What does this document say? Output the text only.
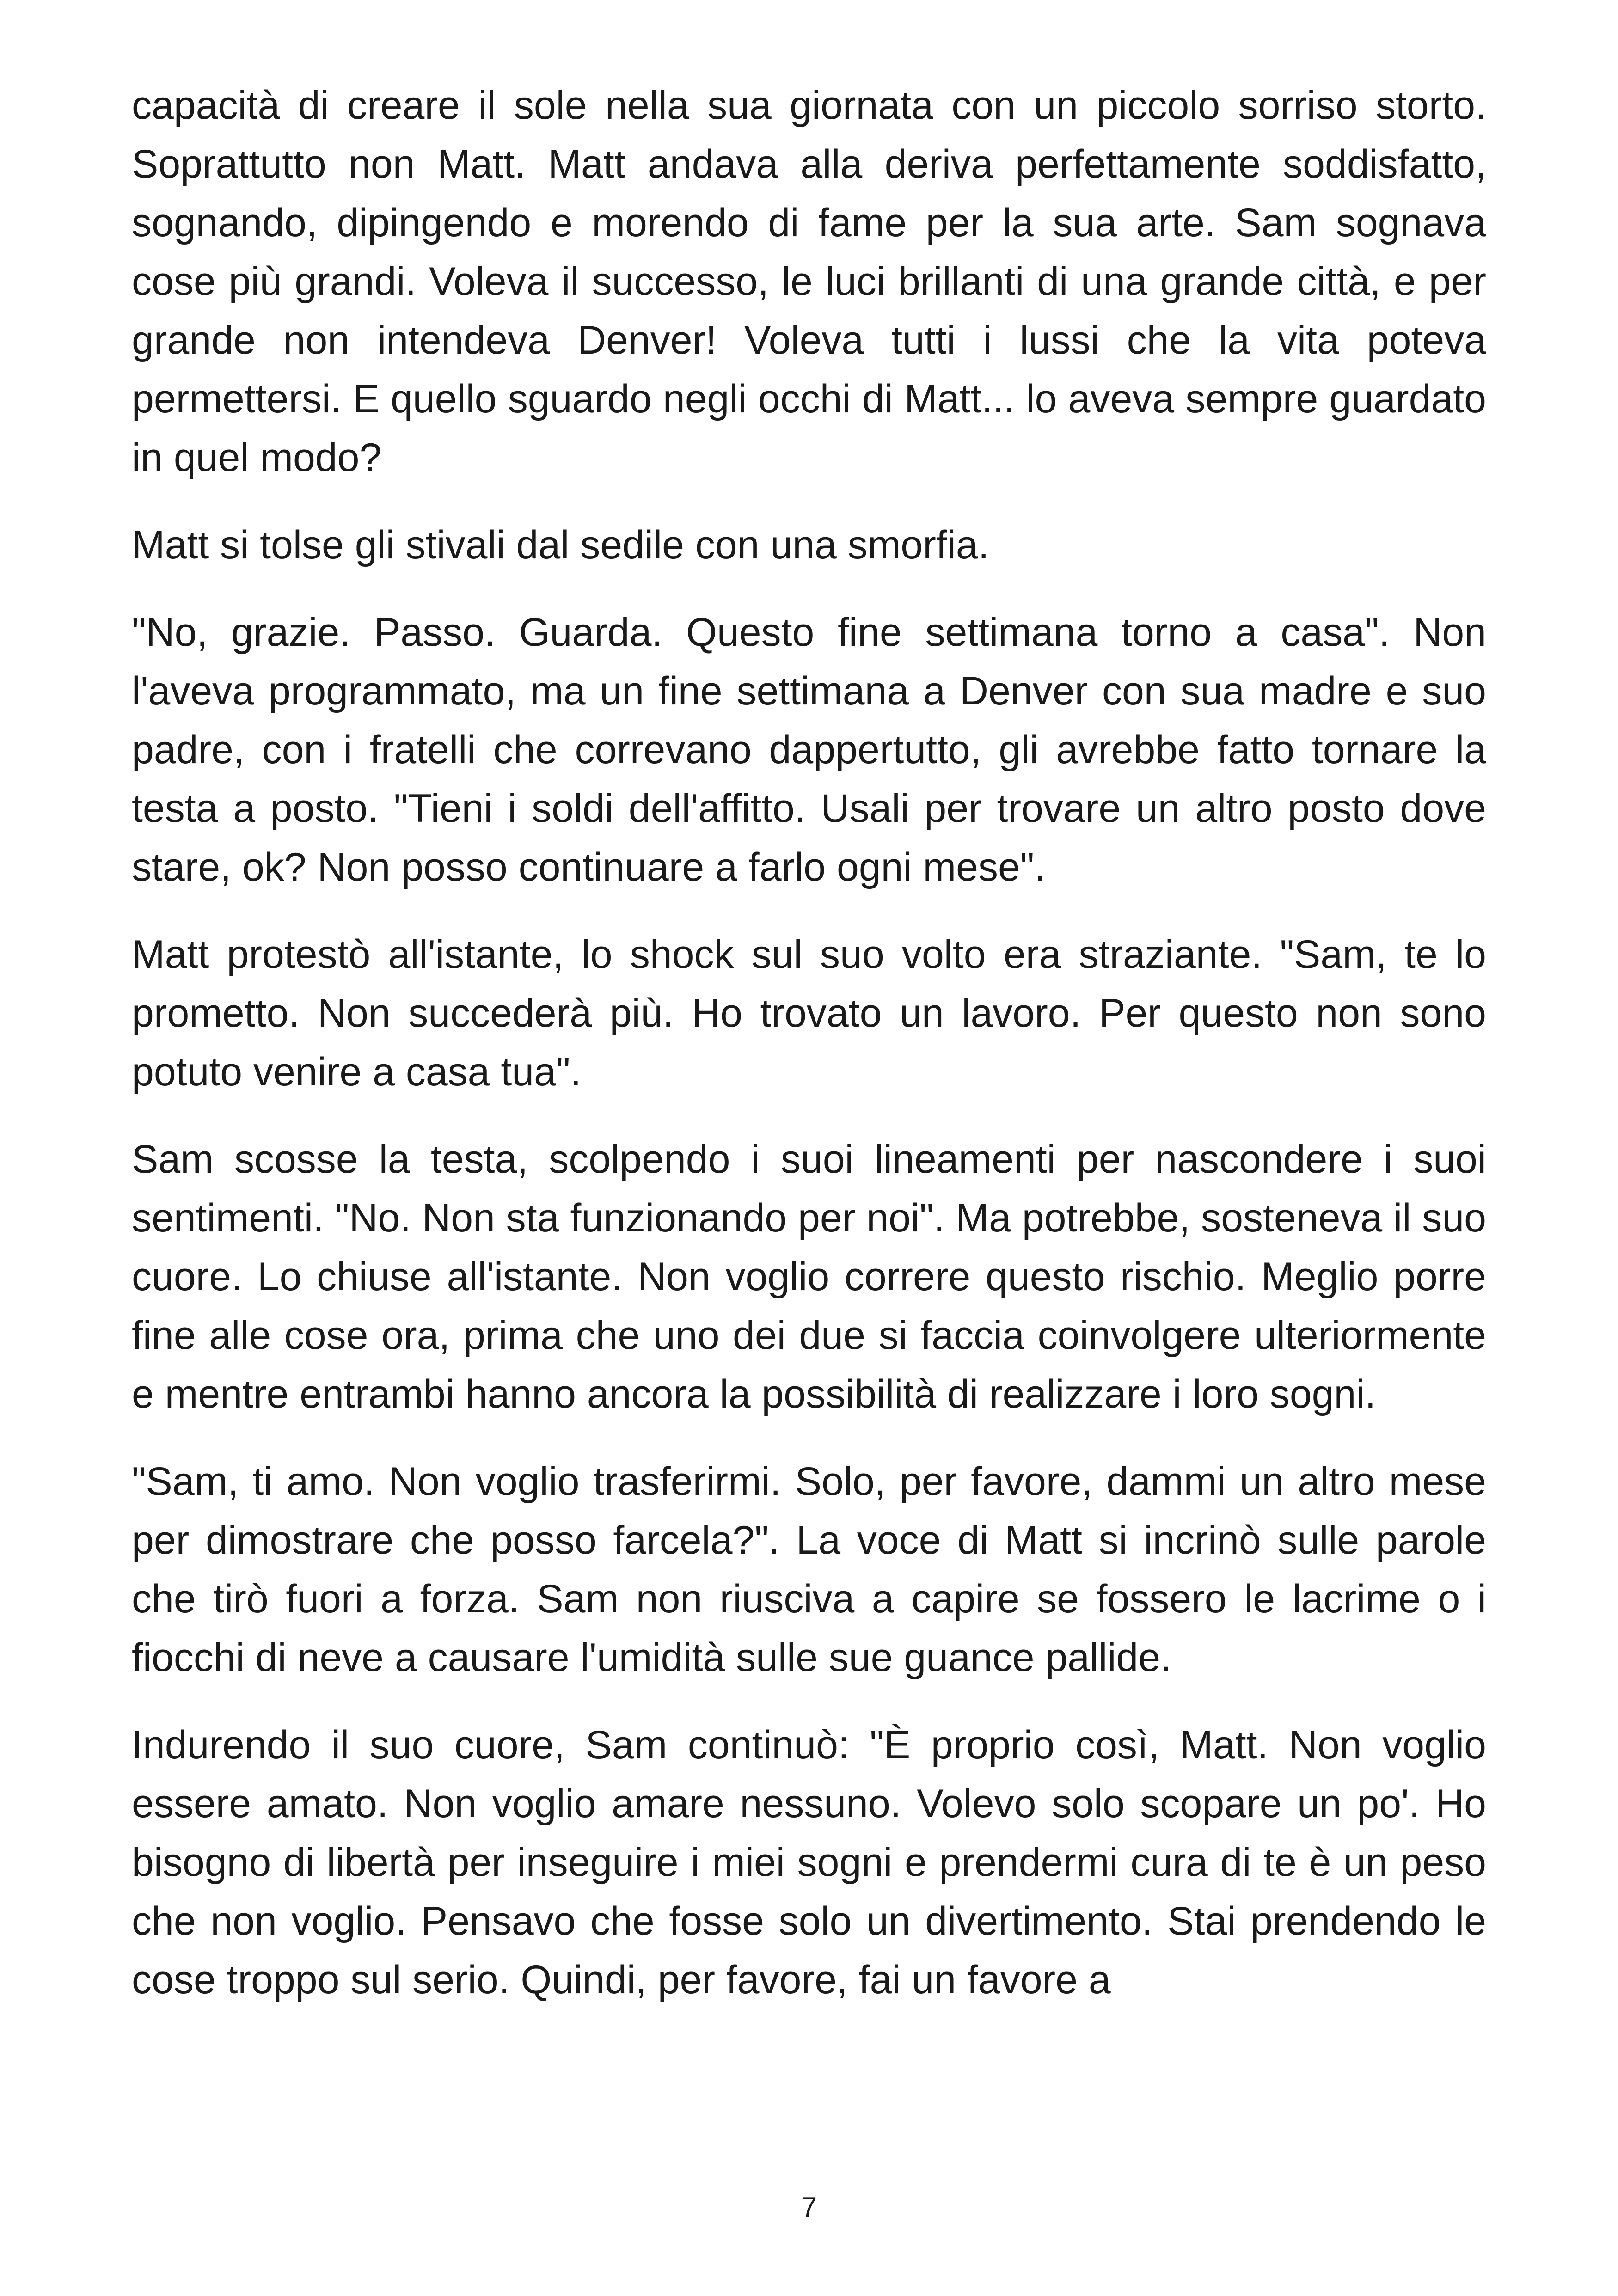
capacità di creare il sole nella sua giornata con un piccolo sorriso storto. Soprattutto non Matt. Matt andava alla deriva perfettamente soddisfatto, sognando, dipingendo e morendo di fame per la sua arte. Sam sognava cose più grandi. Voleva il successo, le luci brillanti di una grande città, e per grande non intendeva Denver! Voleva tutti i lussi che la vita poteva permettersi. E quello sguardo negli occhi di Matt... lo aveva sempre guardato in quel modo?

Matt si tolse gli stivali dal sedile con una smorfia.

"No, grazie. Passo. Guarda. Questo fine settimana torno a casa". Non l'aveva programmato, ma un fine settimana a Denver con sua madre e suo padre, con i fratelli che correvano dappertutto, gli avrebbe fatto tornare la testa a posto. "Tieni i soldi dell'affitto. Usali per trovare un altro posto dove stare, ok? Non posso continuare a farlo ogni mese".

Matt protestò all'istante, lo shock sul suo volto era straziante. "Sam, te lo prometto. Non succederà più. Ho trovato un lavoro. Per questo non sono potuto venire a casa tua".

Sam scosse la testa, scolpendo i suoi lineamenti per nascondere i suoi sentimenti. "No. Non sta funzionando per noi". Ma potrebbe, sosteneva il suo cuore. Lo chiuse all'istante. Non voglio correre questo rischio. Meglio porre fine alle cose ora, prima che uno dei due si faccia coinvolgere ulteriormente e mentre entrambi hanno ancora la possibilità di realizzare i loro sogni.

"Sam, ti amo. Non voglio trasferirmi. Solo, per favore, dammi un altro mese per dimostrare che posso farcela?". La voce di Matt si incrinò sulle parole che tirò fuori a forza. Sam non riusciva a capire se fossero le lacrime o i fiocchi di neve a causare l'umidità sulle sue guance pallide.

Indurendo il suo cuore, Sam continuò: "È proprio così, Matt. Non voglio essere amato. Non voglio amare nessuno. Volevo solo scopare un po'. Ho bisogno di libertà per inseguire i miei sogni e prendermi cura di te è un peso che non voglio. Pensavo che fosse solo un divertimento. Stai prendendo le cose troppo sul serio. Quindi, per favore, fai un favore a

7
